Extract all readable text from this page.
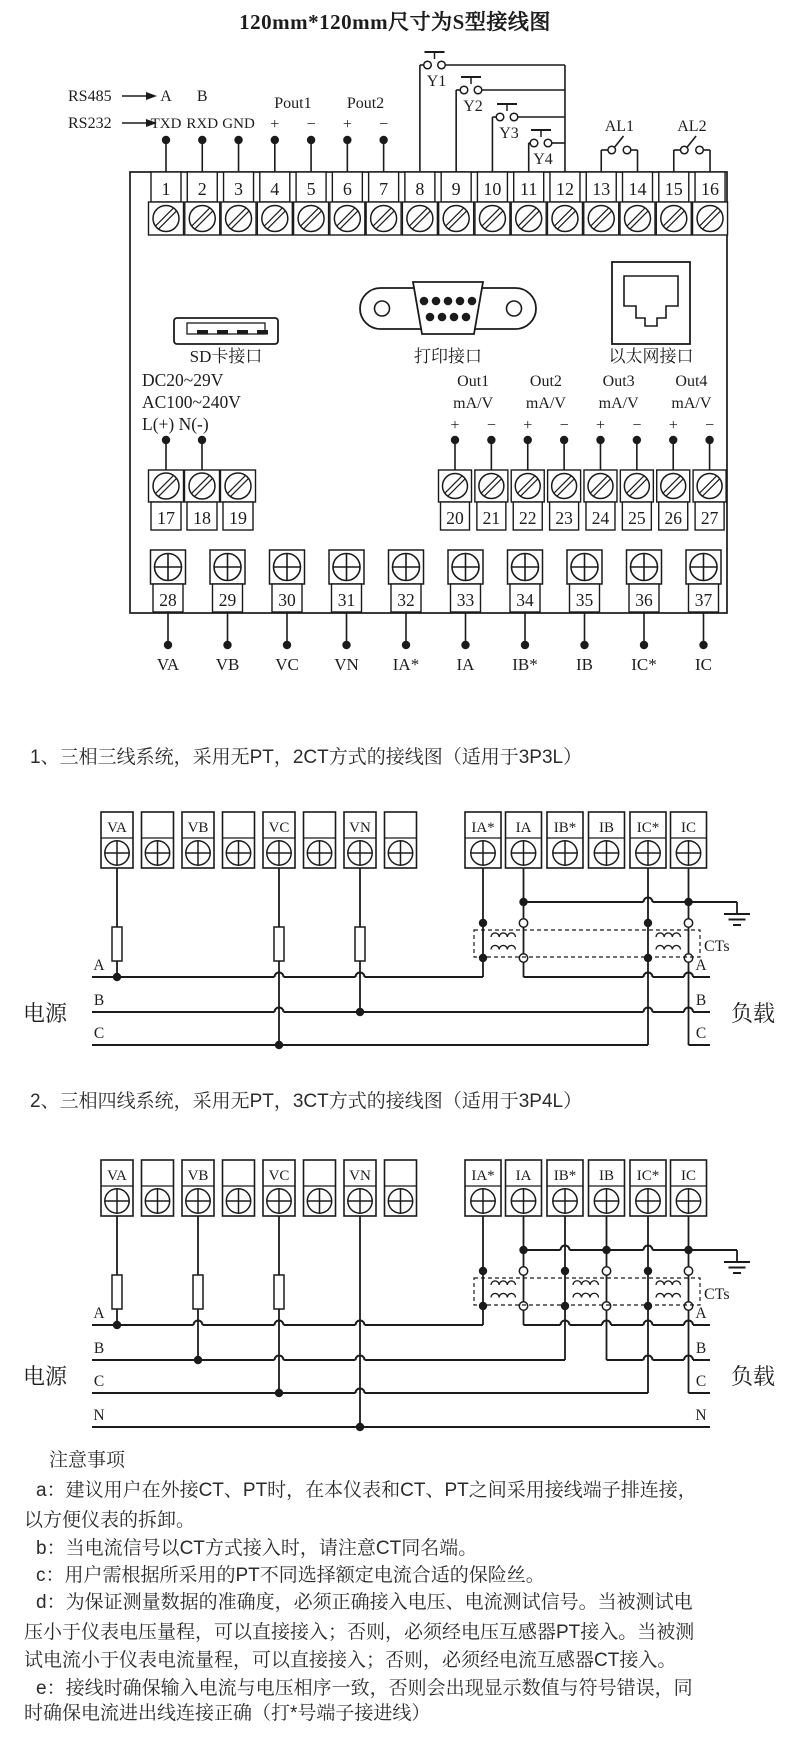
120mm*120mm尺寸为S型接线图
1 2 3 4 5 6 7 8 9 10 11 12 13 14 15 16
RS485	A B
RS232	TXD RXD GND
Pout1
+ −
Pout2
+ −
Y1
Y2
Y3
Y4
AL1	AL2
SD卡接口	打印接口	以太网接口
DC20~29V
AC100~240V
L(+) N(-)
17 18 19
Out1
mA/V
+ −
Out2
mA/V
+ −
Out3
mA/V
+ −
Out4
mA/V
+ −
20 21 22 23 24 25 26 27
28
VA
29
VB
30
VC
31
VN
32
IA*
33
IA
34
IB*
35
IB
36
IC*
37
IC
VA	VB	VC	VN	IA* IA IB* IB IC* IC
CTs
A	A
B	B
C	C
电源	负载
VA	VB	VC	VN	IA* IA IB* IB IC* IC
CTs
A	A
B	B
C	C
N	N
电源	负载
1、三相三线系统，采用无PT，2CT方式的接线图（适用于3P3L）
2、三相四线系统，采用无PT，3CT方式的接线图（适用于3P4L）
注意事项
a：建议用户在外接CT、PT时，在本仪表和CT、PT之间采用接线端子排连接，
以方便仪表的拆卸。
b：当电流信号以CT方式接入时，请注意CT同名端。
c：用户需根据所采用的PT不同选择额定电流合适的保险丝。
d：为保证测量数据的准确度，必须正确接入电压、电流测试信号。当被测试电
压小于仪表电压量程，可以直接接入；否则，必须经电压互感器PT接入。当被测
试电流小于仪表电流量程，可以直接接入；否则，必须经电流互感器CT接入。
e：接线时确保输入电流与电压相序一致，否则会出现显示数值与符号错误，同
时确保电流进出线连接正确（打*号端子接进线）
